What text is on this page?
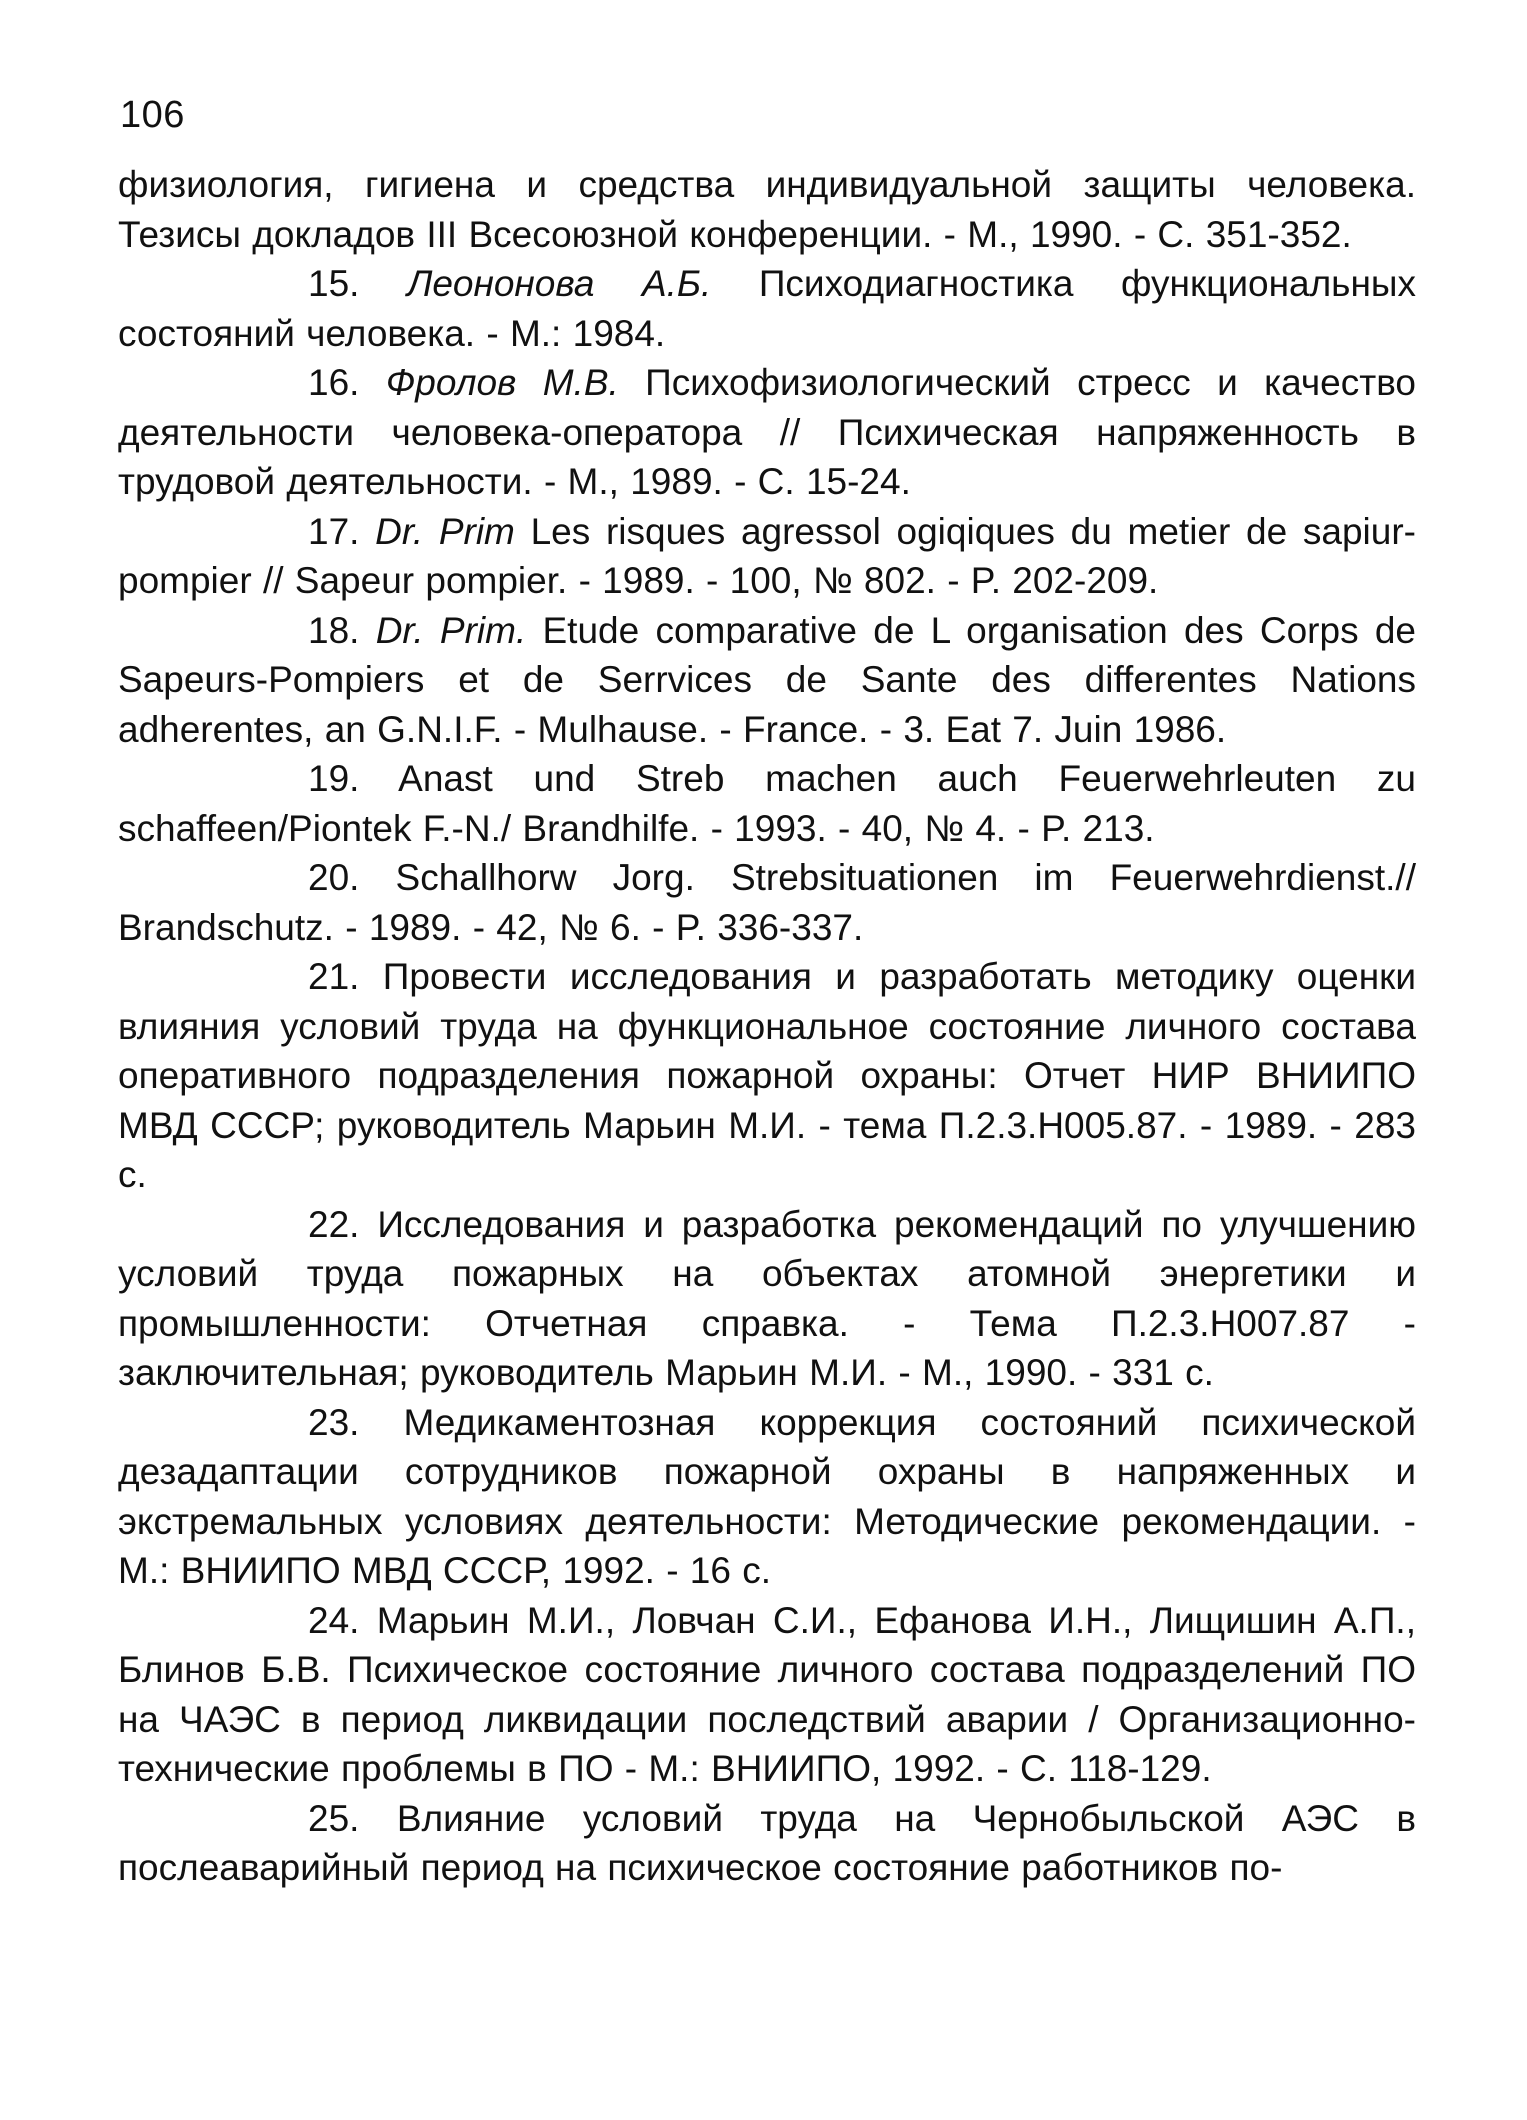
106

физиология, гигиена и средства индивидуальной защиты человека. Тезисы докладов III Всесоюзной конференции. - М., 1990. - С. 351-352.

15. Леононова А.Б. Психодиагностика функциональных состояний человека. - М.: 1984.

16. Фролов М.В. Психофизиологический стресс и качество деятельности человека-оператора // Психическая напряженность в трудовой деятельности. - М., 1989. - С. 15-24.

17. Dr. Prim Les risques agressol ogiqiques du metier de sapiur-pompier // Sapeur pompier. - 1989. - 100, № 802. - P. 202-209.

18. Dr. Prim. Etude comparative de L organisation des Corps de Sapeurs-Pompiers et de Serrvices de Sante des differentes Nations adherentes, an G.N.I.F. - Mulhause. - France. - 3. Eat 7. Juin 1986.

19. Anast und Streb machen auch Feuerwehrleuten zu schaffeen/Piontek F.-N./ Brandhilfe. - 1993. - 40, № 4. - P. 213.

20. Schallhorw Jorg. Strebsituationen im Feuerwehrdienst.// Brandschutz. - 1989. - 42, № 6. - P. 336-337.

21. Провести исследования и разработать методику оценки влияния условий труда на функциональное состояние личного состава оперативного подразделения пожарной охраны: Отчет НИР ВНИИПО МВД СССР; руководитель Марьин М.И. - тема П.2.3.Н005.87. - 1989. - 283 с.

22. Исследования и разработка рекомендаций по улучшению условий труда пожарных на объектах атомной энергетики и промышленности: Отчетная справка. - Тема П.2.3.Н007.87 - заключительная; руководитель Марьин М.И. - М., 1990. - 331 с.

23. Медикаментозная коррекция состояний психической дезадаптации сотрудников пожарной охраны в напряженных и экстремальных условиях деятельности: Методические рекомендации. - М.: ВНИИПО МВД СССР, 1992. - 16 с.

24. Марьин М.И., Ловчан С.И., Ефанова И.Н., Лищишин А.П., Блинов Б.В. Психическое состояние личного состава подразделений ПО на ЧАЭС в период ликвидации последствий аварии / Организационно-технические проблемы в ПО - М.: ВНИИПО, 1992. - С. 118-129.

25. Влияние условий труда на Чернобыльской АЭС в послеаварийный период на психическое состояние работников по-
